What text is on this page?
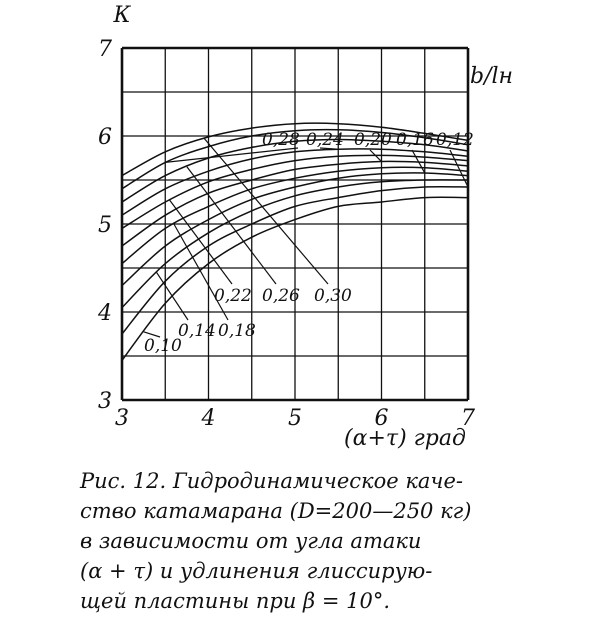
0,10
0,12
0,14
0,16
0,18
0,20
0,22
0,24
0,26
0,28
0,30
3	4	5	6	7
3
4
5
6
7
К
(α+τ) град
b/lн
Рис. 12. Гидродинамическое каче-
ство катамарана (D=200—250 кг)
в зависимости от угла атаки
(α + τ) и удлинения глиссирую-
щей пластины при β = 10°.
